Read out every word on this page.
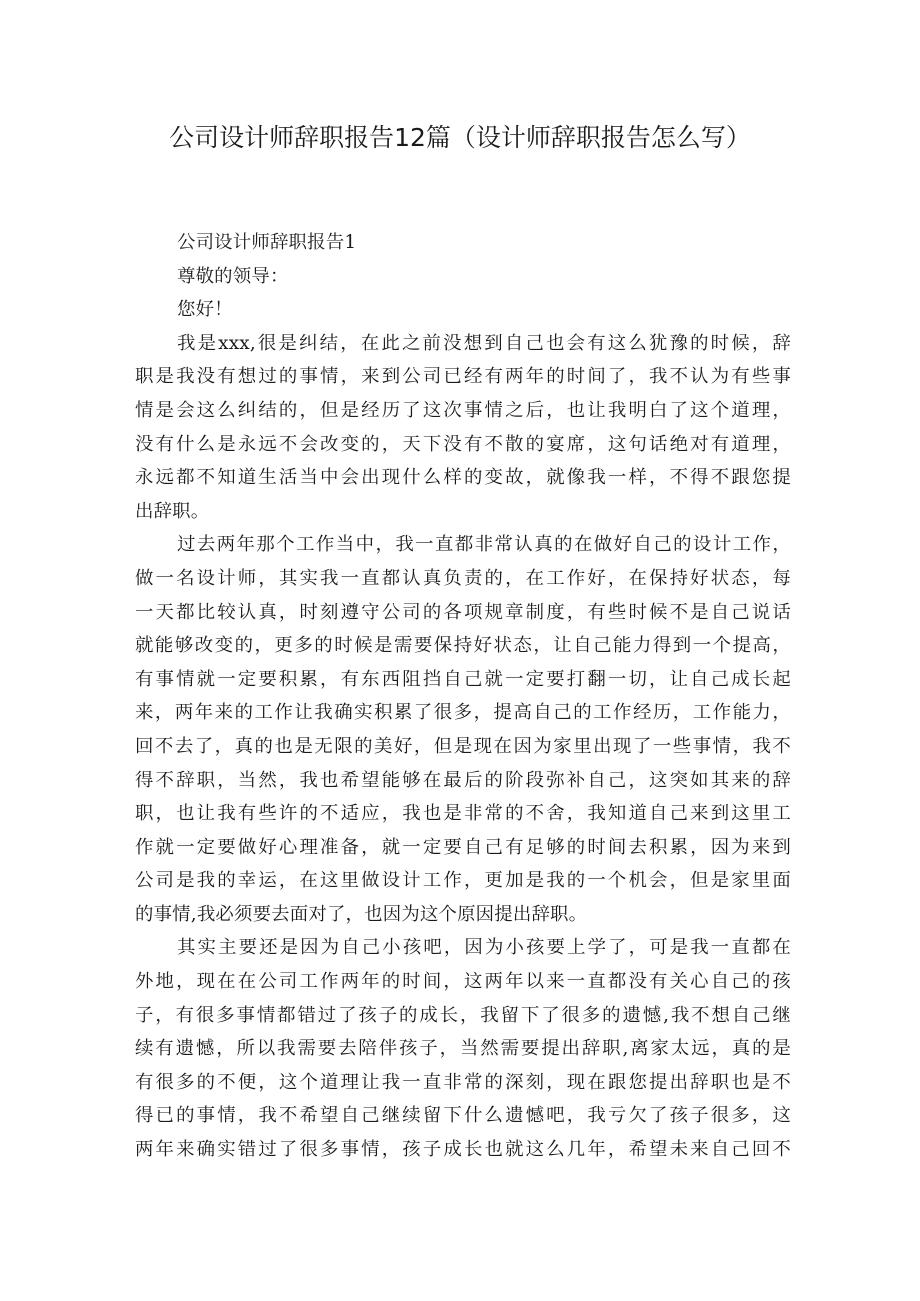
公司设计师辞职报告12篇（设计师辞职报告怎么写）
公司设计师辞职报告1
尊敬的领导：
您好！
我是xxx,很是纠结，在此之前没想到自己也会有这么犹豫的时候，辞
职是我没有想过的事情，来到公司已经有两年的时间了，我不认为有些事
情是会这么纠结的，但是经历了这次事情之后，也让我明白了这个道理，
没有什么是永远不会改变的，天下没有不散的宴席，这句话绝对有道理，
永远都不知道生活当中会出现什么样的变故，就像我一样，不得不跟您提
出辞职。
过去两年那个工作当中，我一直都非常认真的在做好自己的设计工作，
做一名设计师，其实我一直都认真负责的，在工作好，在保持好状态，每
一天都比较认真，时刻遵守公司的各项规章制度，有些时候不是自己说话
就能够改变的，更多的时候是需要保持好状态，让自己能力得到一个提高，
有事情就一定要积累，有东西阻挡自己就一定要打翻一切，让自己成长起
来，两年来的工作让我确实积累了很多，提高自己的工作经历，工作能力，
回不去了，真的也是无限的美好，但是现在因为家里出现了一些事情，我不
得不辞职，当然，我也希望能够在最后的阶段弥补自己，这突如其来的辞
职，也让我有些许的不适应，我也是非常的不舍，我知道自己来到这里工
作就一定要做好心理准备，就一定要自己有足够的时间去积累，因为来到
公司是我的幸运，在这里做设计工作，更加是我的一个机会，但是家里面
的事情,我必须要去面对了，也因为这个原因提出辞职。
其实主要还是因为自己小孩吧，因为小孩要上学了，可是我一直都在
外地，现在在公司工作两年的时间，这两年以来一直都没有关心自己的孩
子，有很多事情都错过了孩子的成长，我留下了很多的遗憾,我不想自己继
续有遗憾，所以我需要去陪伴孩子，当然需要提出辞职,离家太远，真的是
有很多的不便，这个道理让我一直非常的深刻，现在跟您提出辞职也是不
得已的事情，我不希望自己继续留下什么遗憾吧，我亏欠了孩子很多，这
两年来确实错过了很多事情，孩子成长也就这么几年，希望未来自己回不
